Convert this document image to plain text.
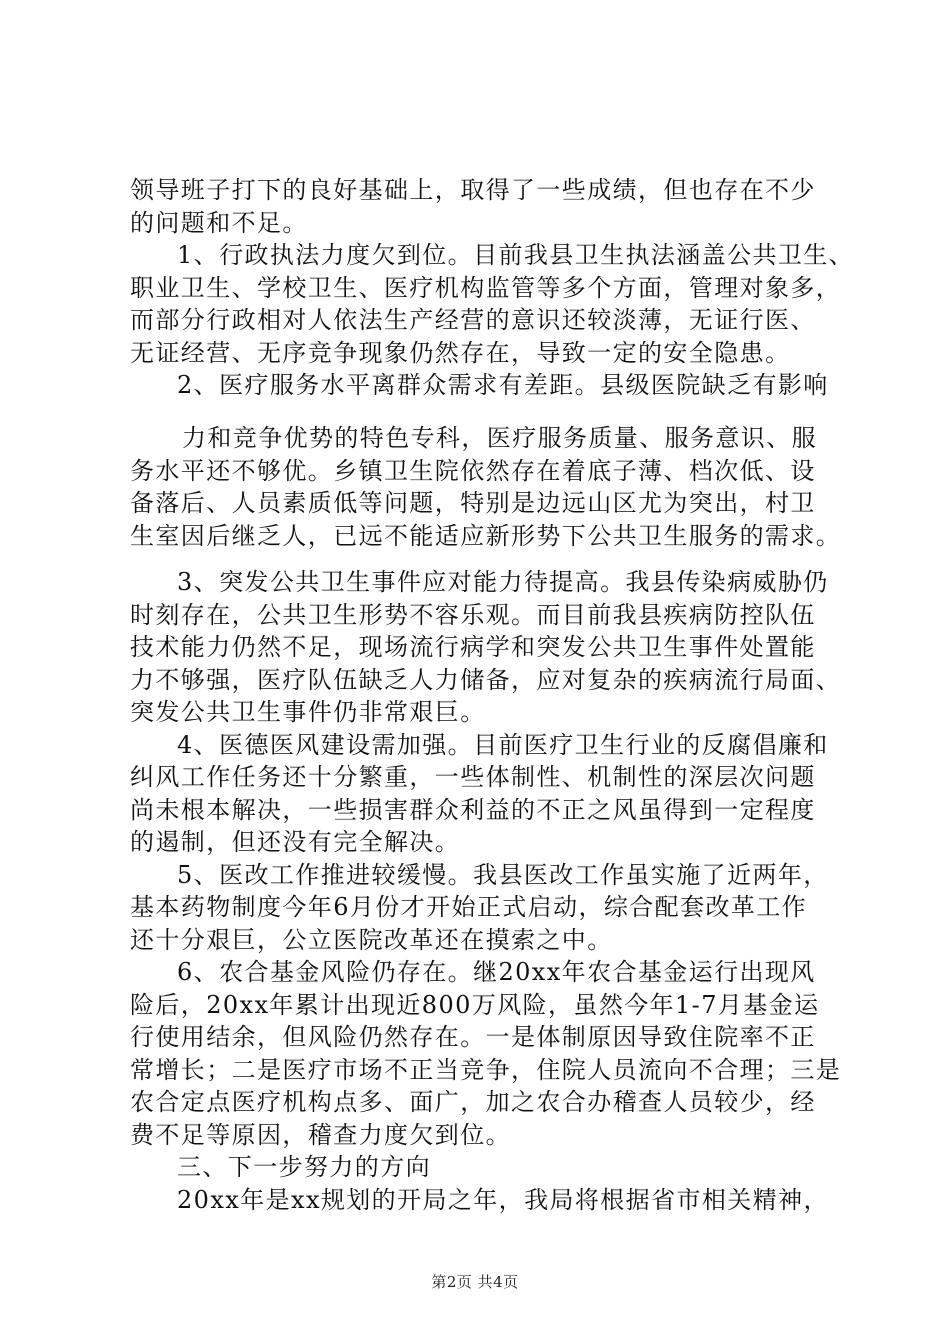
领导班子打下的良好基础上，取得了一些成绩，但也存在不少
的问题和不足。
1、行政执法力度欠到位。目前我县卫生执法涵盖公共卫生、
职业卫生、学校卫生、医疗机构监管等多个方面，管理对象多，
而部分行政相对人依法生产经营的意识还较淡薄，无证行医、
无证经营、无序竞争现象仍然存在，导致一定的安全隐患。
2、医疗服务水平离群众需求有差距。县级医院缺乏有影响
力和竞争优势的特色专科，医疗服务质量、服务意识、服
务水平还不够优。乡镇卫生院依然存在着底子薄、档次低、设
备落后、人员素质低等问题，特别是边远山区尤为突出，村卫
生室因后继乏人，已远不能适应新形势下公共卫生服务的需求。
3、突发公共卫生事件应对能力待提高。我县传染病威胁仍
时刻存在，公共卫生形势不容乐观。而目前我县疾病防控队伍
技术能力仍然不足，现场流行病学和突发公共卫生事件处置能
力不够强，医疗队伍缺乏人力储备，应对复杂的疾病流行局面、
突发公共卫生事件仍非常艰巨。
4、医德医风建设需加强。目前医疗卫生行业的反腐倡廉和
纠风工作任务还十分繁重，一些体制性、机制性的深层次问题
尚未根本解决，一些损害群众利益的不正之风虽得到一定程度
的遏制，但还没有完全解决。
5、医改工作推进较缓慢。我县医改工作虽实施了近两年，
基本药物制度今年6月份才开始正式启动，综合配套改革工作
还十分艰巨，公立医院改革还在摸索之中。
6、农合基金风险仍存在。继20xx年农合基金运行出现风
险后，20xx年累计出现近800万风险，虽然今年1-7月基金运
行使用结余，但风险仍然存在。一是体制原因导致住院率不正
常增长；二是医疗市场不正当竞争，住院人员流向不合理；三是
农合定点医疗机构点多、面广，加之农合办稽查人员较少，经
费不足等原因，稽查力度欠到位。
三、下一步努力的方向
20xx年是xx规划的开局之年，我局将根据省市相关精神，
第2页 共4页
